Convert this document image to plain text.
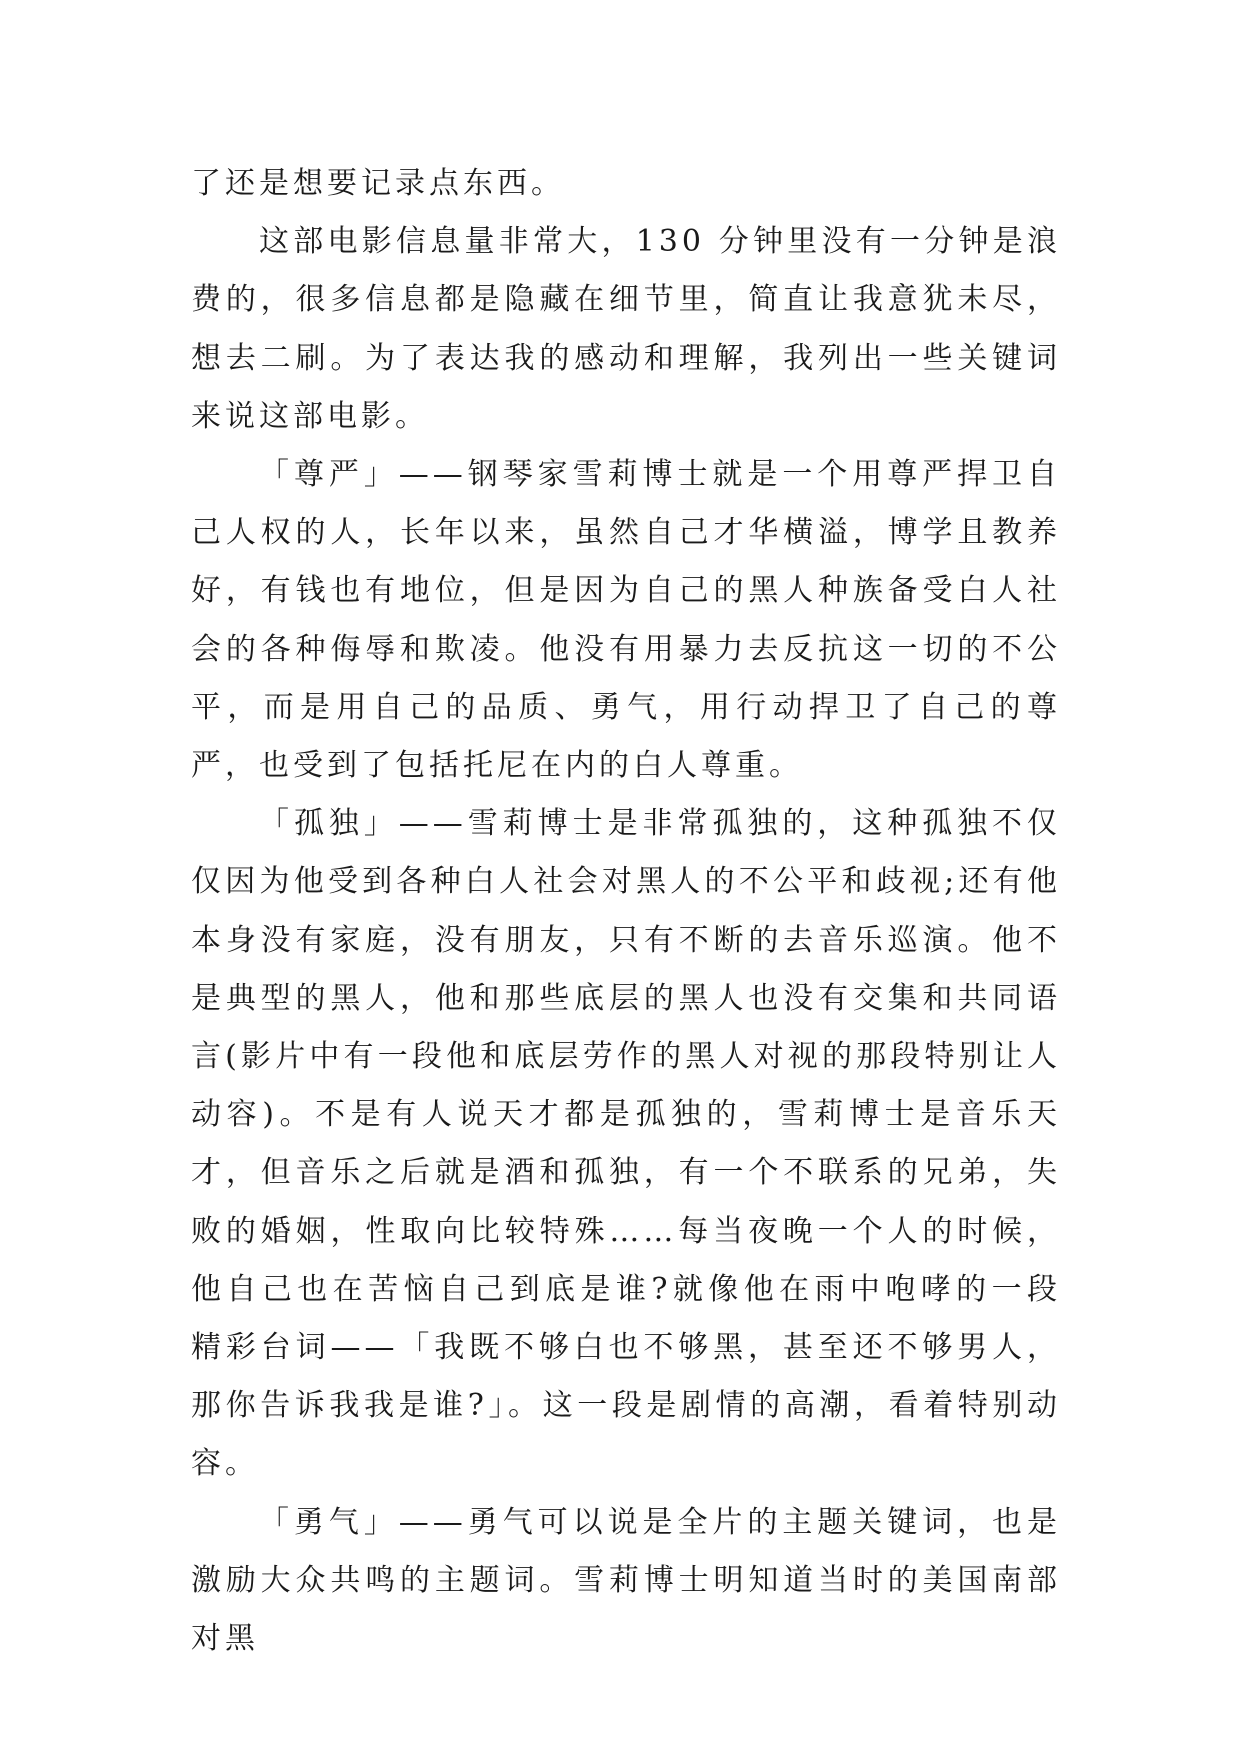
了还是想要记录点东西。

这部电影信息量非常大，130 分钟里没有一分钟是浪费的，很多信息都是隐藏在细节里，简直让我意犹未尽，想去二刷。为了表达我的感动和理解，我列出一些关键词来说这部电影。

「尊严」——钢琴家雪莉博士就是一个用尊严捍卫自己人权的人，长年以来，虽然自己才华横溢，博学且教养好，有钱也有地位，但是因为自己的黑人种族备受白人社会的各种侮辱和欺凌。他没有用暴力去反抗这一切的不公平，而是用自己的品质、勇气，用行动捍卫了自己的尊严，也受到了包括托尼在内的白人尊重。

「孤独」——雪莉博士是非常孤独的，这种孤独不仅仅因为他受到各种白人社会对黑人的不公平和歧视;还有他本身没有家庭，没有朋友，只有不断的去音乐巡演。他不是典型的黑人，他和那些底层的黑人也没有交集和共同语言(影片中有一段他和底层劳作的黑人对视的那段特别让人动容)。不是有人说天才都是孤独的，雪莉博士是音乐天才，但音乐之后就是酒和孤独，有一个不联系的兄弟，失败的婚姻，性取向比较特殊……每当夜晚一个人的时候，他自己也在苦恼自己到底是谁?就像他在雨中咆哮的一段精彩台词——「我既不够白也不够黑，甚至还不够男人，那你告诉我我是谁?」。这一段是剧情的高潮，看着特别动容。

「勇气」——勇气可以说是全片的主题关键词，也是激励大众共鸣的主题词。雪莉博士明知道当时的美国南部对黑
